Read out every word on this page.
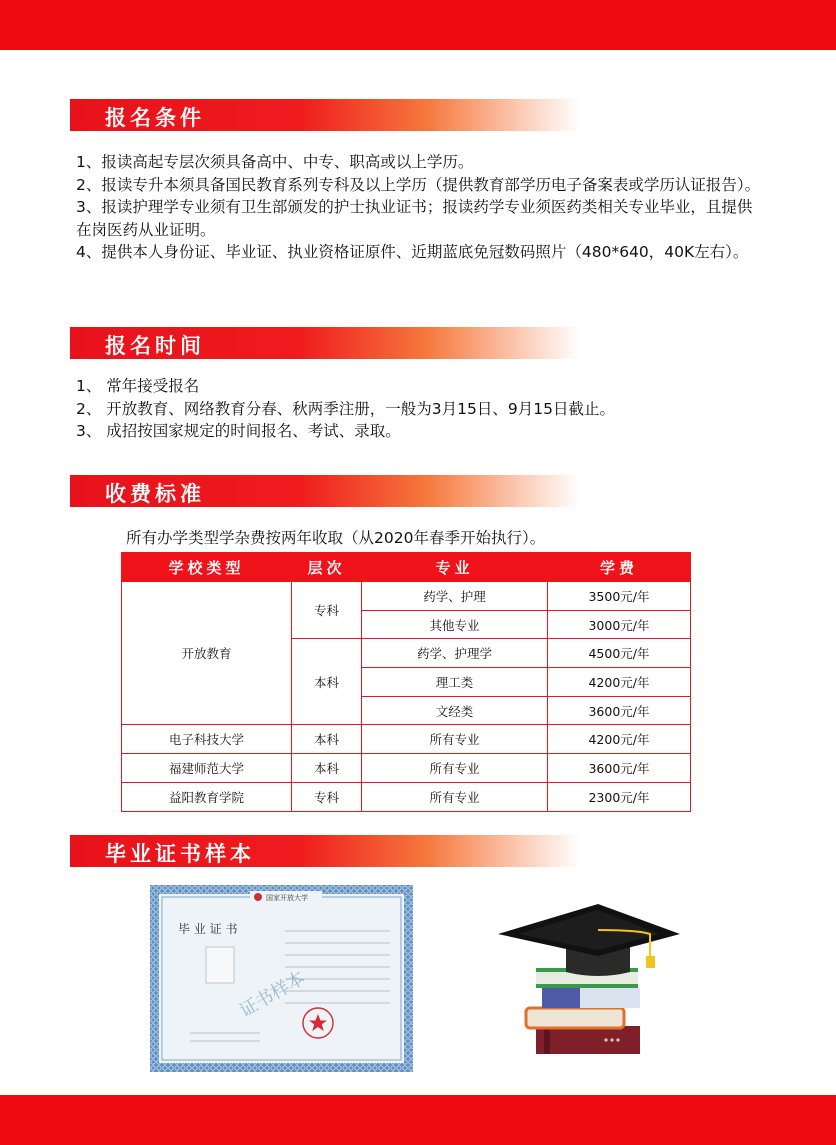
报名条件

1、报读高起专层次须具备高中、中专、职高或以上学历。

2、报读专升本须具备国民教育系列专科及以上学历（提供教育部学历电子备案表或学历认证报告）。

3、报读护理学专业须有卫生部颁发的护士执业证书；报读药学专业须医药类相关专业毕业，且提供在岗医药从业证明。

4、提供本人身份证、毕业证、执业资格证原件、近期蓝底免冠数码照片（480*640，40K左右）。

报名时间

1、 常年接受报名

2、 开放教育、网络教育分春、秋两季注册，一般为3月15日、9月15日截止。

3、 成招按国家规定的时间报名、考试、录取。

收费标准
所有办学类型学杂费按两年收取（从2020年春季开始执行）。
学校类型	层次	专业	学费
开放教育	专科	药学、护理	3500元/年
		其他专业	3000元/年
	本科	药学、护理学	4500元/年
		理工类	4200元/年
		文经类	3600元/年
电子科技大学	本科	所有专业	4200元/年
福建师范大学	本科	所有专业	3600元/年
益阳教育学院	专科	所有专业	2300元/年
毕业证书样本
国家开放大学
毕 业 证 书
证书样本
